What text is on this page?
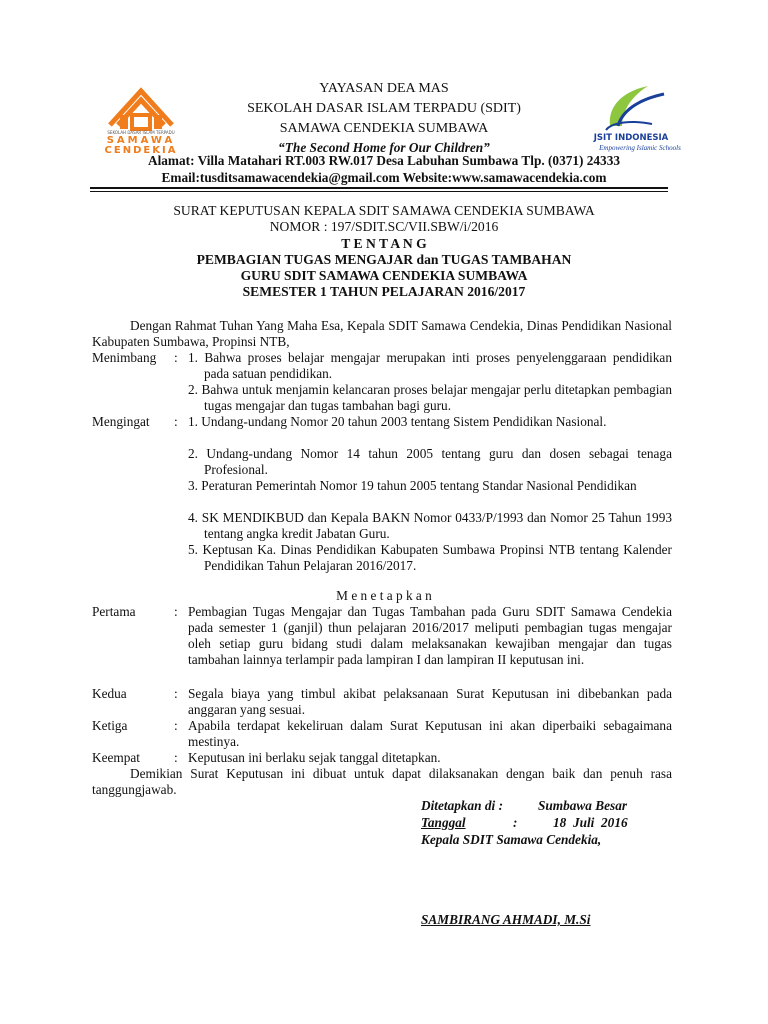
SEKOLAH DASAR ISLAM TERPADU
SAMAWA
CENDEKIA
JSIT INDONESIA
Empowering Islamic Schools
YAYASAN DEA MAS
SEKOLAH DASAR ISLAM TERPADU (SDIT)
SAMAWA CENDEKIA SUMBAWA
“The Second Home for Our Children”
Alamat: Villa Matahari RT.003 RW.017 Desa Labuhan Sumbawa Tlp. (0371) 24333
Email:tusditsamawacendekia@gmail.com Website:www.samawacendekia.com
SURAT KEPUTUSAN KEPALA SDIT SAMAWA CENDEKIA SUMBAWA
NOMOR : 197/SDIT.SC/VII.SBW/i/2016
T E N T A N G
PEMBAGIAN TUGAS MENGAJAR dan TUGAS TAMBAHAN
GURU SDIT SAMAWA CENDEKIA SUMBAWA
SEMESTER 1 TAHUN PELAJARAN 2016/2017
Dengan Rahmat Tuhan Yang Maha Esa, Kepala SDIT Samawa Cendekia, Dinas Pendidikan Nasional Kabupaten Sumbawa, Propinsi NTB,
Menimbang : 1. Bahwa proses belajar mengajar merupakan inti proses penyelenggaraan pendidikan pada satuan pendidikan.
2. Bahwa untuk menjamin kelancaran proses belajar mengajar perlu ditetapkan pembagian tugas mengajar dan tugas tambahan bagi guru.
Mengingat : 1. Undang-undang Nomor 20 tahun 2003 tentang Sistem Pendidikan Nasional.
2. Undang-undang Nomor 14 tahun 2005 tentang guru dan dosen sebagai tenaga Profesional.
3. Peraturan Pemerintah Nomor 19 tahun 2005 tentang Standar Nasional Pendidikan
4. SK MENDIKBUD dan Kepala BAKN Nomor 0433/P/1993 dan Nomor 25 Tahun 1993 tentang angka kredit Jabatan Guru.
5. Keptusan Ka. Dinas Pendidikan Kabupaten Sumbawa Propinsi NTB tentang Kalender Pendidikan Tahun Pelajaran 2016/2017.
M e n e t a p k a n
Pertama	: Pembagian Tugas Mengajar dan Tugas Tambahan pada Guru SDIT Samawa Cendekia pada semester 1 (ganjil) thun pelajaran 2016/2017 meliputi pembagian tugas mengajar oleh setiap guru bidang studi dalam melaksanakan kewajiban mengajar dan tugas tambahan lainnya terlampir pada lampiran I dan lampiran II keputusan ini.
Kedua	: Segala biaya yang timbul akibat pelaksanaan Surat Keputusan ini dibebankan pada anggaran yang sesuai.
Ketiga	: Apabila terdapat kekeliruan dalam Surat Keputusan ini akan diperbaiki sebagaimana mestinya.
Keempat	: Keputusan ini berlaku sejak tanggal ditetapkan.
Demikian Surat Keputusan ini dibuat untuk dapat dilaksanakan dengan baik dan penuh rasa tanggungjawab.
Ditetapkan di :	Sumbawa Besar
Tanggal	:	18  Juli  2016
Kepala SDIT Samawa Cendekia,
SAMBIRANG AHMADI, M.Si
